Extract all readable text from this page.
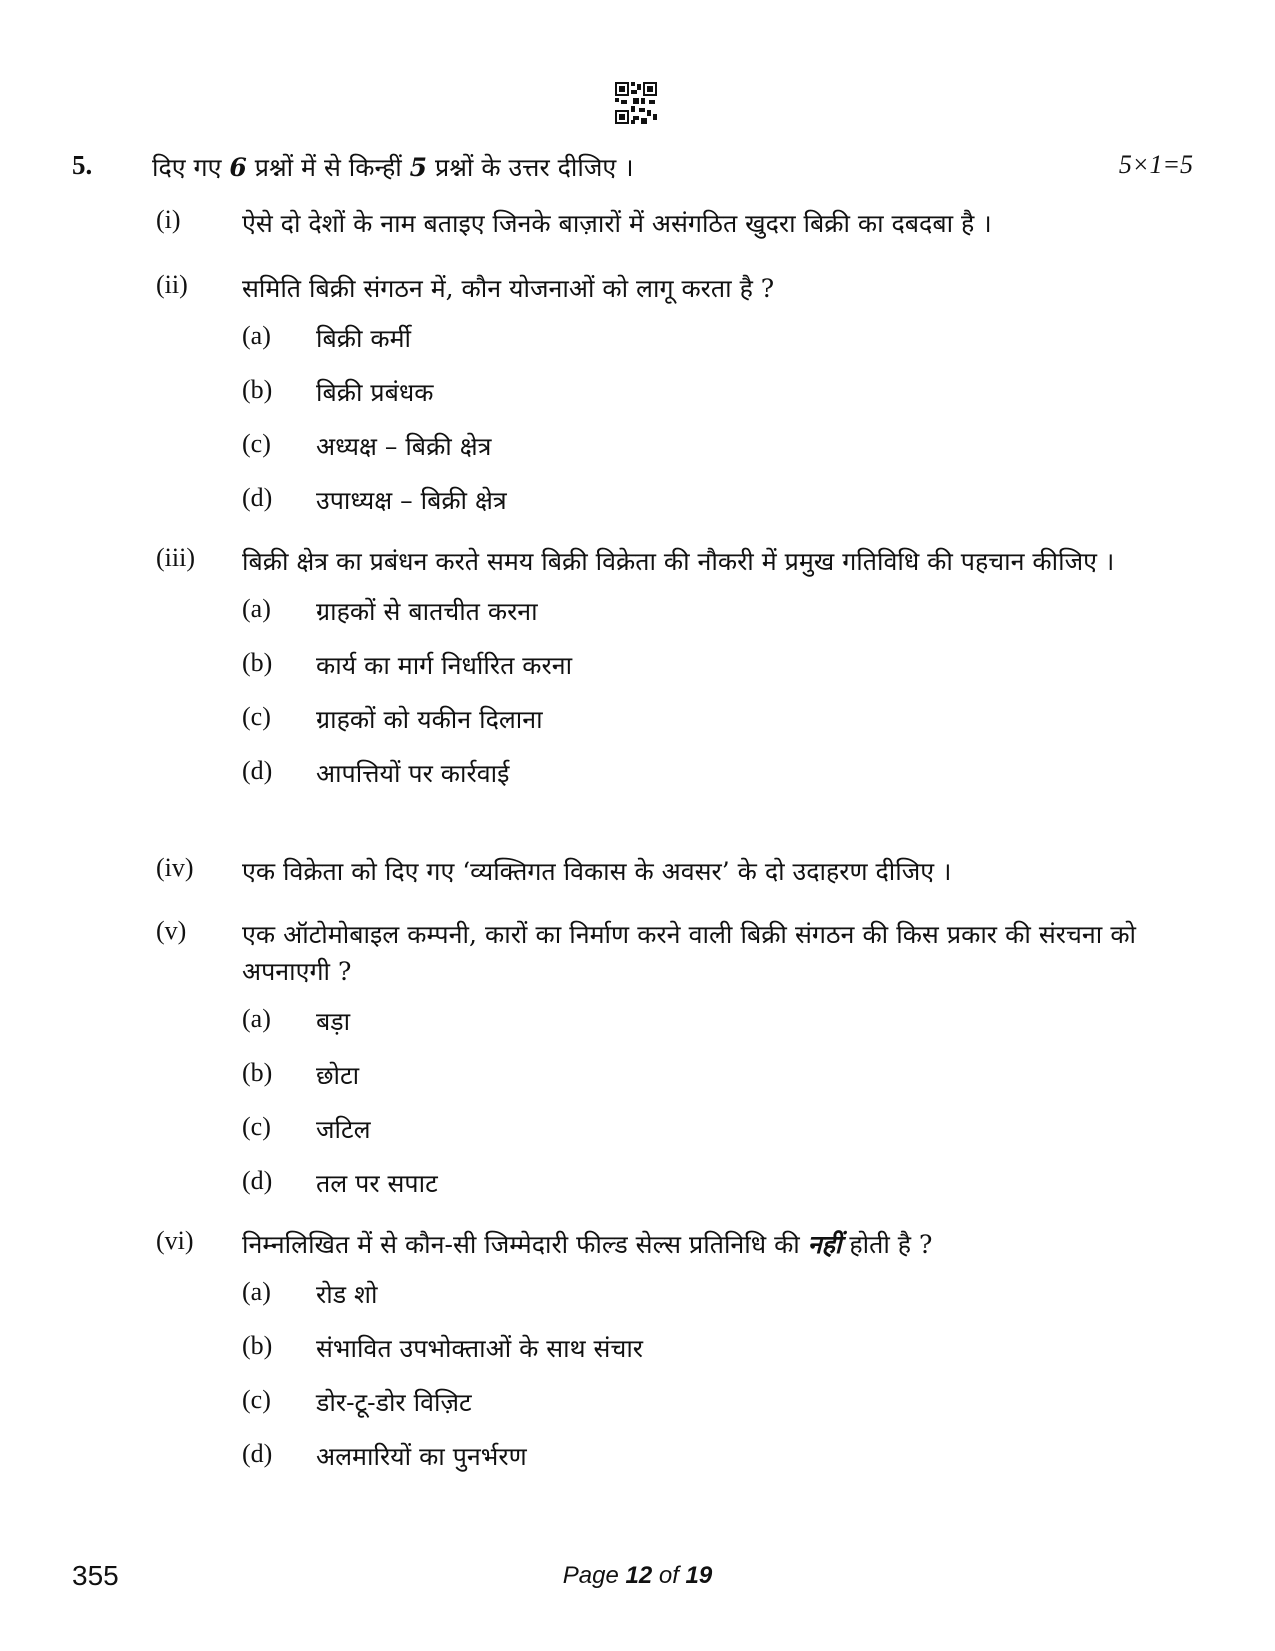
5. दिए गए 6 प्रश्नों में से किन्हीं 5 प्रश्नों के उत्तर दीजिए ।	5×1=5
(i) ऐसे दो देशों के नाम बताइए जिनके बाज़ारों में असंगठित खुदरा बिक्री का दबदबा है ।
(ii) समिति बिक्री संगठन में, कौन योजनाओं को लागू करता है ?
(a) बिक्री कर्मी
(b) बिक्री प्रबंधक
(c) अध्यक्ष – बिक्री क्षेत्र
(d) उपाध्यक्ष – बिक्री क्षेत्र
(iii) बिक्री क्षेत्र का प्रबंधन करते समय बिक्री विक्रेता की नौकरी में प्रमुख गतिविधि की पहचान कीजिए ।
(a) ग्राहकों से बातचीत करना
(b) कार्य का मार्ग निर्धारित करना
(c) ग्राहकों को यकीन दिलाना
(d) आपत्तियों पर कार्रवाई
(iv) एक विक्रेता को दिए गए ‘व्यक्तिगत विकास के अवसर’ के दो उदाहरण दीजिए ।
(v) एक ऑटोमोबाइल कम्पनी, कारों का निर्माण करने वाली बिक्री संगठन की किस प्रकार की संरचना को अपनाएगी ?
(a) बड़ा
(b) छोटा
(c) जटिल
(d) तल पर सपाट
(vi) निम्नलिखित में से कौन-सी जिम्मेदारी फील्ड सेल्स प्रतिनिधि की नहीं होती है ?
(a) रोड शो
(b) संभावित उपभोक्ताओं के साथ संचार
(c) डोर-टू-डोर विज़िट
(d) अलमारियों का पुनर्भरण
355	Page 12 of 19
